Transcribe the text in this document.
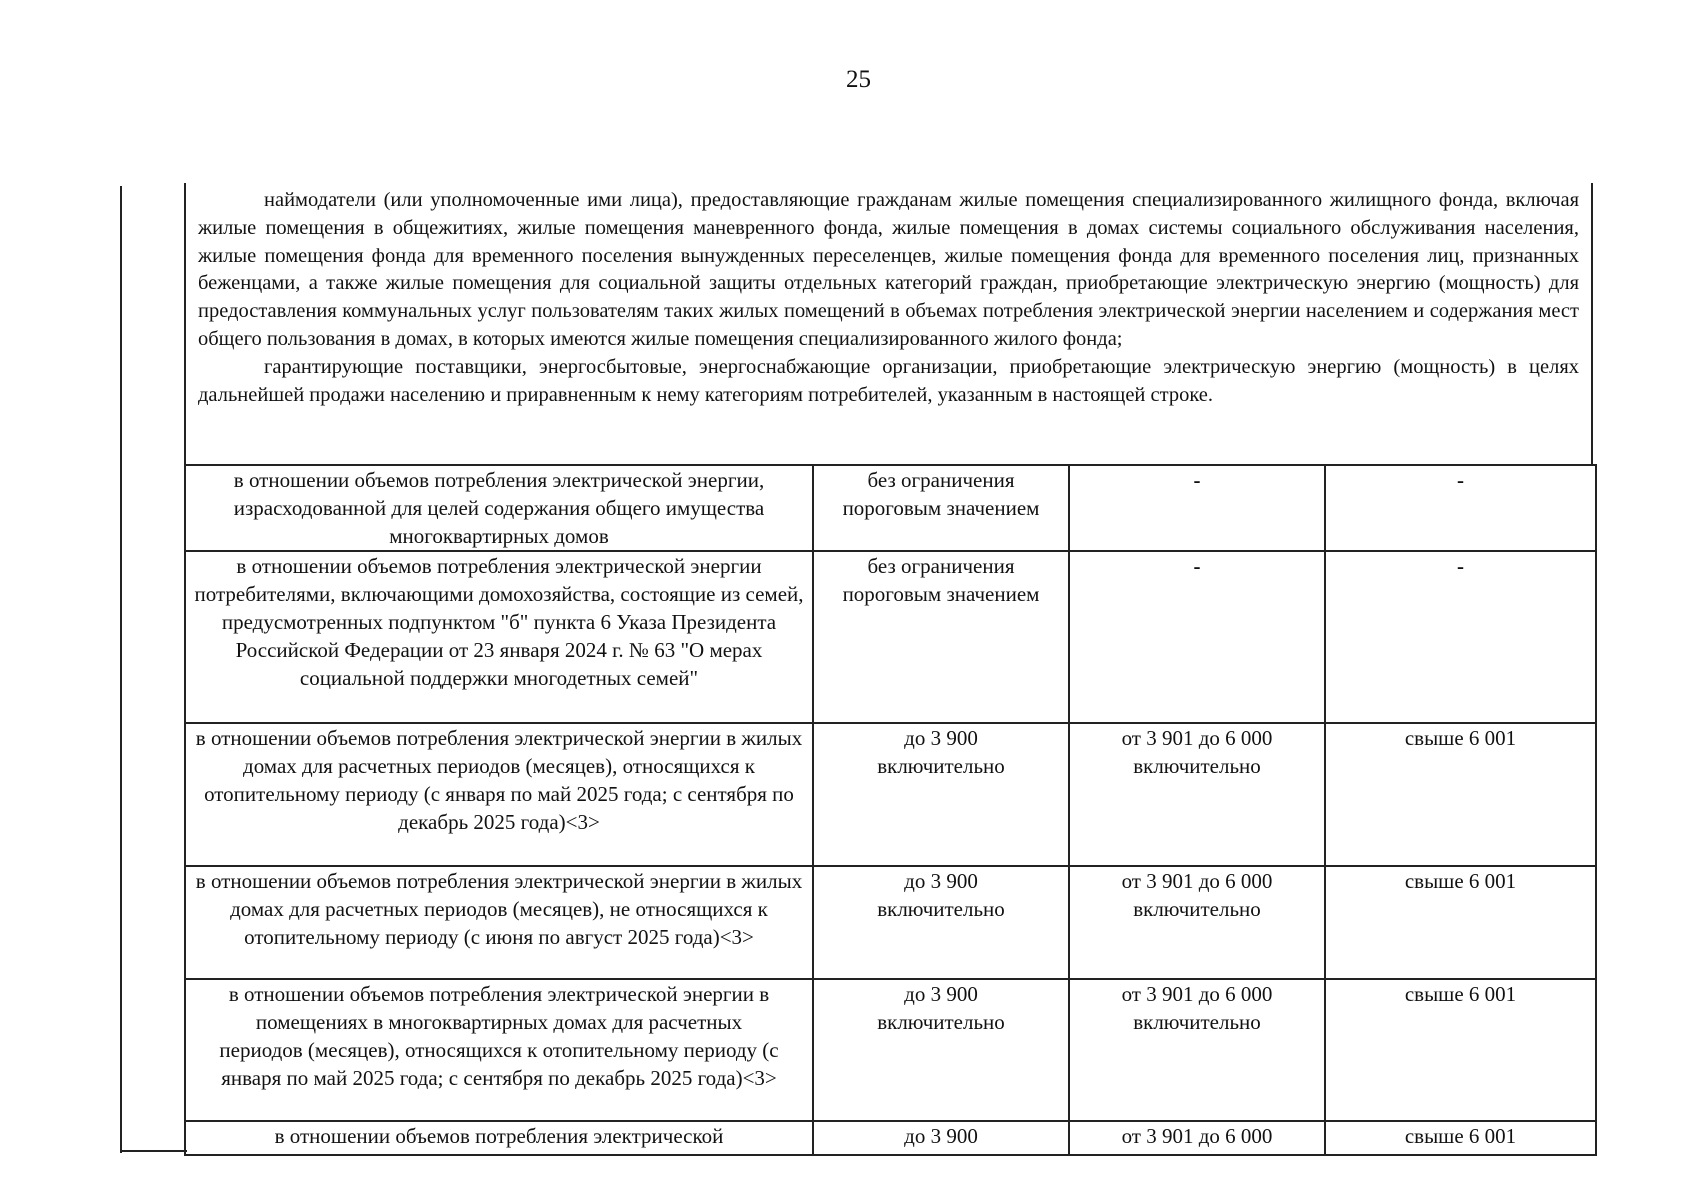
25

наймодатели (или уполномоченные ими лица), предоставляющие гражданам жилые помещения специализированного жилищного фонда, включая жилые помещения в общежитиях, жилые помещения маневренного фонда, жилые помещения в домах системы социального обслуживания населения, жилые помещения фонда для временного поселения вынужденных переселенцев, жилые помещения фонда для временного поселения лиц, признанных беженцами, а также жилые помещения для социальной защиты отдельных категорий граждан, приобретающие электрическую энергию (мощность) для предоставления коммунальных услуг пользователям таких жилых помещений в объемах потребления электрической энергии населением и содержания мест общего пользования в домах, в которых имеются жилые помещения специализированного жилого фонда;

гарантирующие поставщики, энергосбытовые, энергоснабжающие организации, приобретающие электрическую энергию (мощность) в целях дальнейшей продажи населению и приравненным к нему категориям потребителей, указанным в настоящей строке.

в отношении объемов потребления электрической энергии, израсходованной для целей содержания общего имущества многоквартирных домов	без ограничения пороговым значением	-	-
в отношении объемов потребления электрической энергии потребителями, включающими домохозяйства, состоящие из семей, предусмотренных подпунктом "б" пункта 6 Указа Президента Российской Федерации от 23 января 2024 г. № 63 "О мерах социальной поддержки многодетных семей"	без ограничения пороговым значением	-	-
в отношении объемов потребления электрической энергии в жилых домах для расчетных периодов (месяцев), относящихся к отопительному периоду (с января по май 2025 года; с сентября по декабрь 2025 года)<3>	до 3 900 включительно	от 3 901 до 6 000 включительно	свыше 6 001
в отношении объемов потребления электрической энергии в жилых домах для расчетных периодов (месяцев), не относящихся к отопительному периоду (с июня по август 2025 года)<3>	до 3 900 включительно	от 3 901 до 6 000 включительно	свыше 6 001
в отношении объемов потребления электрической энергии в помещениях в многоквартирных домах для расчетных периодов (месяцев), относящихся к отопительному периоду (с января по май 2025 года; с сентября по декабрь 2025 года)<3>	до 3 900 включительно	от 3 901 до 6 000 включительно	свыше 6 001
в отношении объемов потребления электрической	до 3 900	от 3 901 до 6 000	свыше 6 001
